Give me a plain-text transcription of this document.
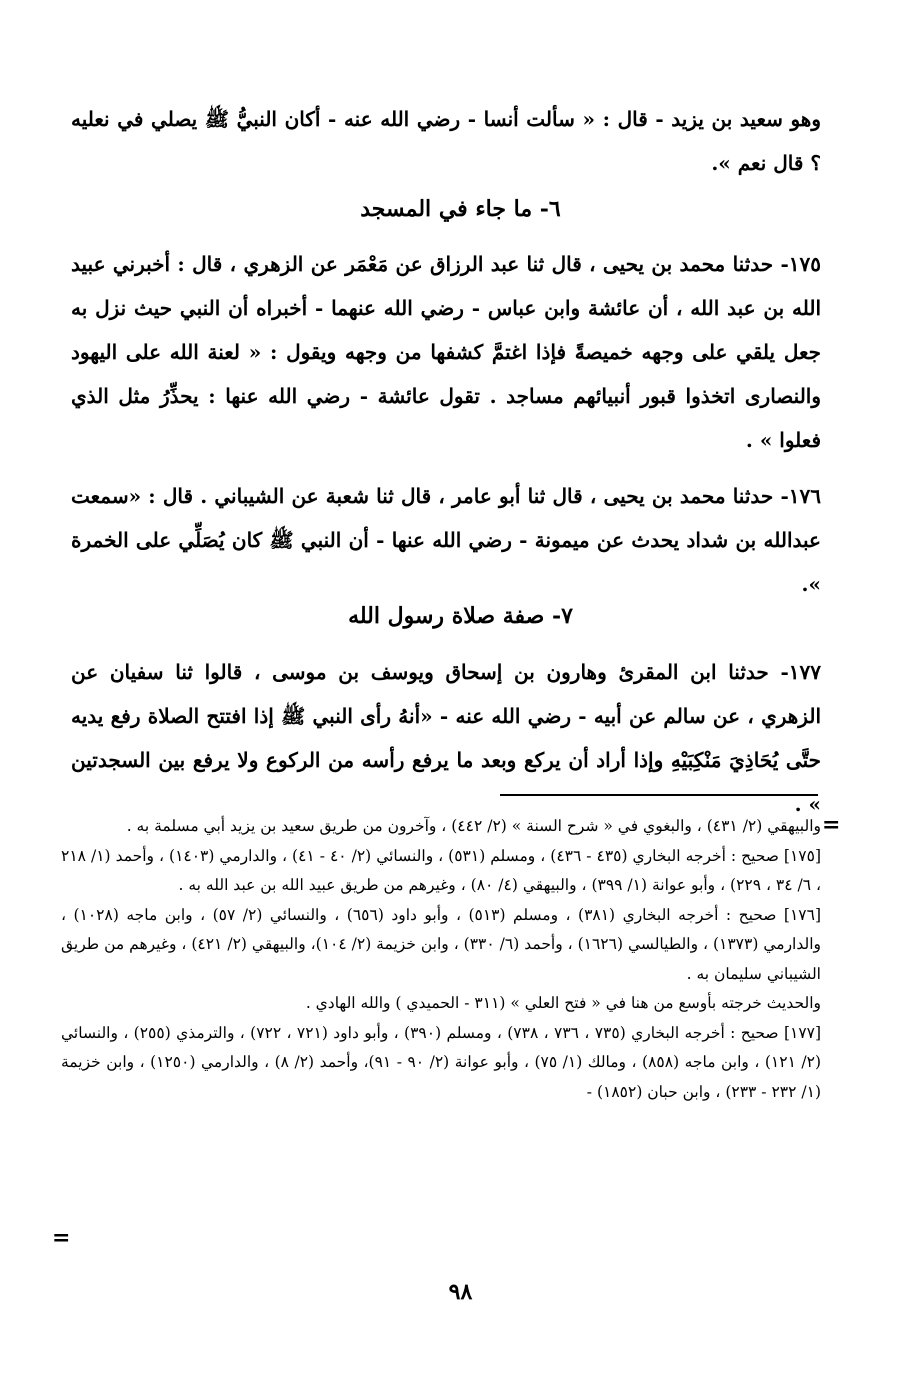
وهو سعيد بن يزيد - قال : « سألت أنسا - رضي الله عنه - أكان النبيُّ ﷺ يصلي في نعليه ؟ قال نعم ».
٦- ما جاء في المسجد
١٧٥- حدثنا محمد بن يحيى ، قال ثنا عبد الرزاق عن مَعْمَر عن الزهري ، قال : أخبرني عبيد الله بن عبد الله ، أن عائشة وابن عباس - رضي الله عنهما - أخبراه أن النبي حيث نزل به جعل يلقي على وجهه خميصةً فإذا اغتمَّ كشفها من وجهه ويقول : « لعنة الله على اليهود والنصارى اتخذوا قبور أنبيائهم مساجد . تقول عائشة - رضي الله عنها : يحذِّرُ مثل الذي فعلوا » .
١٧٦- حدثنا محمد بن يحيى ، قال ثنا أبو عامر ، قال ثنا شعبة عن الشيباني . قال : «سمعت عبدالله بن شداد يحدث عن ميمونة - رضي الله عنها - أن النبي ﷺ كان يُصَلِّي على الخمرة ».
٧- صفة صلاة رسول الله
١٧٧- حدثنا ابن المقرئ وهارون بن إسحاق ويوسف بن موسى ، قالوا ثنا سفيان عن الزهري ، عن سالم عن أبيه - رضي الله عنه - «أنهُ رأى النبي ﷺ إذا افتتح الصلاة رفع يديه حتَّى يُحَاذِيَ مَنْكِبَيْهِ وإذا أراد أن يركع وبعد ما يرفع رأسه من الركوع ولا يرفع بين السجدتين » .
=

والبيهقي (٢/ ٤٣١) ، والبغوي في « شرح السنة » (٢/ ٤٤٢) ، وآخرون من طريق سعيد بن يزيد أبي مسلمة به .

[١٧٥] صحيح : أخرجه البخاري (٤٣٥ - ٤٣٦) ، ومسلم (٥٣١) ، والنسائي (٢/ ٤٠ - ٤١) ، والدارمي (١٤٠٣) ، وأحمد (١/ ٢١٨ ، ٦/ ٣٤ ، ٢٢٩) ، وأبو عوانة (١/ ٣٩٩) ، والبيهقي (٤/ ٨٠) ، وغيرهم من طريق عبيد الله بن عبد الله به .

[١٧٦] صحيح : أخرجه البخاري (٣٨١) ، ومسلم (٥١٣) ، وأبو داود (٦٥٦) ، والنسائي (٢/ ٥٧) ، وابن ماجه (١٠٢٨) ، والدارمي (١٣٧٣) ، والطيالسي (١٦٢٦) ، وأحمد (٦/ ٣٣٠) ، وابن خزيمة (٢/ ١٠٤)، والبيهقي (٢/ ٤٢١) ، وغيرهم من طريق الشيباني سليمان به .

والحديث خرجته بأوسع من هنا في « فتح العلي » (٣١١ - الحميدي ) والله الهادي .

[١٧٧] صحيح : أخرجه البخاري (٧٣٥ ، ٧٣٦ ، ٧٣٨) ، ومسلم (٣٩٠) ، وأبو داود (٧٢١ ، ٧٢٢) ، والترمذي (٢٥٥) ، والنسائي (٢/ ١٢١) ، وابن ماجه (٨٥٨) ، ومالك (١/ ٧٥) ، وأبو عوانة (٢/ ٩٠ - ٩١)، وأحمد (٢/ ٨) ، والدارمي (١٢٥٠) ، وابن خزيمة (١/ ٢٣٢ - ٢٣٣) ، وابن حبان (١٨٥٢) -

=
٩٨
